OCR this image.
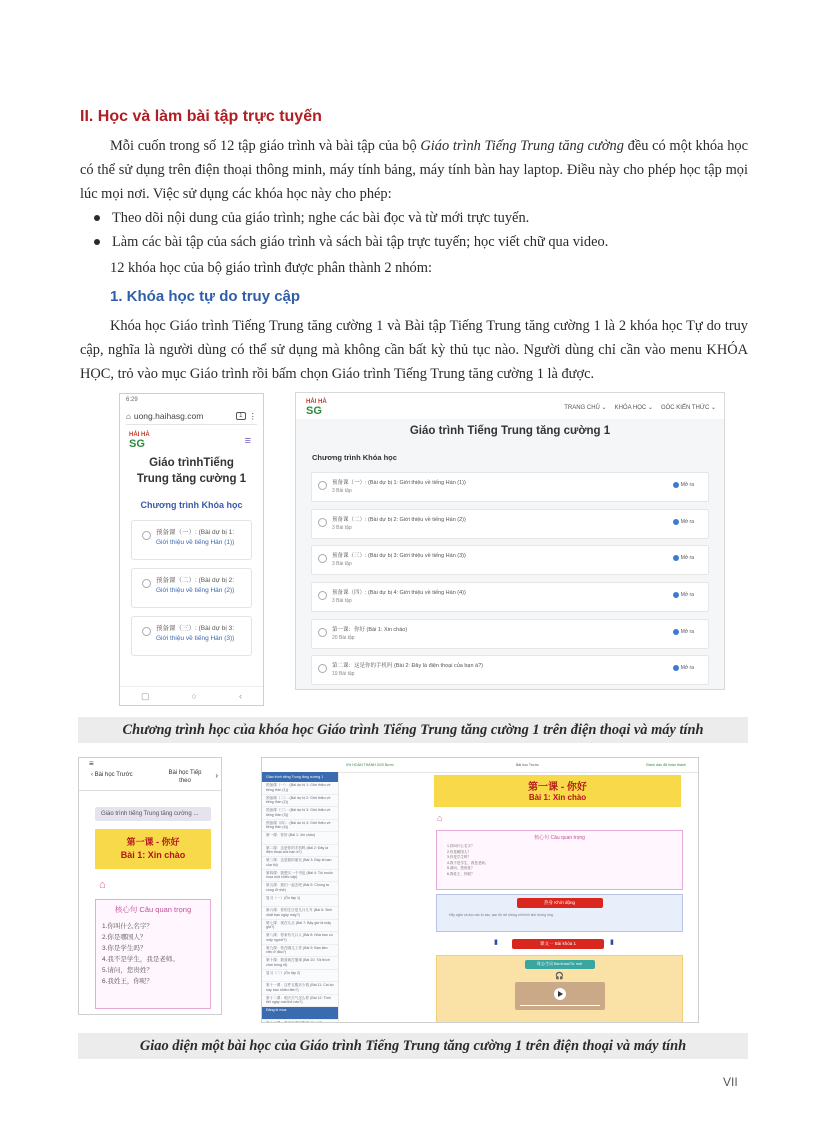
II. Học và làm bài tập trực tuyến
Mỗi cuốn trong số 12 tập giáo trình và bài tập của bộ Giáo trình Tiếng Trung tăng cường đều có một khóa học có thể sử dụng trên điện thoại thông minh, máy tính bảng, máy tính bàn hay laptop. Điều này cho phép học tập mọi lúc mọi nơi. Việc sử dụng các khóa học này cho phép:
Theo dõi nội dung của giáo trình; nghe các bài đọc và từ mới trực tuyến.
Làm các bài tập của sách giáo trình và sách bài tập trực tuyến; học viết chữ qua video.
12 khóa học của bộ giáo trình được phân thành 2 nhóm:
1. Khóa học tự do truy cập
Khóa học Giáo trình Tiếng Trung tăng cường 1 và Bài tập Tiếng Trung tăng cường 1 là 2 khóa học Tự do truy cập, nghĩa là người dùng có thể sử dụng mà không cần bất kỳ thủ tục nào. Người dùng chỉ cần vào menu KHÓA HỌC, trỏ vào mục Giáo trình rồi bấm chọn Giáo trình Tiếng Trung tăng cường 1 là được.
6:29
⌂ uong.haihasg.com	1 ⋮
HẢI HÀ
SG	≡
Giáo trìnhTiếng Trung tăng cường 1
Chương trình Khóa học
预备课（一）: (Bài dự bị 1:
Giới thiệu về tiếng Hán (1))
预备课（二）: (Bài dự bị 2:
Giới thiệu về tiếng Hán (2))
预备课（三）: (Bài dự bị 3:
Giới thiệu về tiếng Hán (3))
▢	○	‹
HẢI HÀ
SG	TRANG CHỦ ⌄ KHÓA HỌC ⌄ GÓC KIẾN THỨC ⌄
Giáo trình Tiếng Trung tăng cường 1
Chương trình Khóa học
预备课（一）: (Bài dự bị 1: Giới thiệu về tiếng Hán (1))
3 Bài tập
Mở ra
预备课（二）: (Bài dự bị 2: Giới thiệu về tiếng Hán (2))
3 Bài tập
Mở ra
预备课（三）: (Bài dự bị 3: Giới thiệu về tiếng Hán (3))
3 Bài tập
Mở ra
预备课（四）: (Bài dự bị 4: Giới thiệu về tiếng Hán (4))
3 Bài tập
Mở ra
第一课：你好 (Bài 1: Xin chào)
20 Bài tập
Mở ra
第二课：这是你的手机吗 (Bài 2: Đây là điện thoại của bạn à?)
19 Bài tập
Mở ra
Chương trình học của khóa học Giáo trình Tiếng Trung tăng cường 1 trên điện thoại và máy tính
≡
‹ Bài học Trước	Bài học Tiếp theo
›
Giáo trình tiếng Trung tăng cường ...
第一课 - 你好
Bài 1: Xin chào
⌂
核心句 Câu quan trọng
1.你叫什么名字？
2.你是哪国人？
3.你是学生吗？
4.我不是学生，我是老师。
5.请问，您贵姓？
6.我姓王，你呢？
0% HOÀN THÀNH 0/20 Bước	Bài học Trước	Đánh dấu đã hoàn thành
Giáo trình tiếng Trung tăng cường 1
预备课（一）: (Bài dự bị 1: Giới thiệu về tiếng Hán (1))
预备课（二）: (Bài dự bị 2: Giới thiệu về tiếng Hán (2))
预备课（三）: (Bài dự bị 3: Giới thiệu về tiếng Hán (3))
预备课（四）: (Bài dự bị 4: Giới thiệu về tiếng Hán (4))
第一课：你好 (Bài 1: Xin chào)
第二课：这是你的手机吗 (Bài 2: Đây là điện thoại của bạn à?)
第三课：这是我的朋友 (Bài 3: Đây là bạn của tôi)
第四课：我想买一个书包 (Bài 4: Tôi muốn mua một chiếc cặp)
第五课：我们一起去吧 (Bài 5: Chúng ta cùng đi nhé)
复习（一）(Ôn tập 1)
第六课：你的生日是几月几号 (Bài 6: Sinh nhật bạn ngày mấy?)
第七课：现在几点 (Bài 7: Bây giờ là mấy giờ?)
第八课：你家有几口人 (Bài 8: Nhà bạn có mấy người?)
第九课：你在哪儿工作 (Bài 9: Bạn làm việc ở đâu?)
第十课：我喜欢打篮球 (Bài 10: Tôi thích chơi bóng rổ)
复习（二）(Ôn tập 2)
第十一课：这件衣服多少钱 (Bài 11: Cái áo này bao nhiêu tiền?)
第十二课：明天天气怎么样 (Bài 12: Thời tiết ngày mai thế nào?)
Đăng kí mua
第十三课：我们去看电影吧 (Bài 13)
第一课 - 你好
Bài 1: Xin chào
⌂
核心句 Câu quan trọng
1.你叫什么名字？
2.你是哪国人？
3.你是学生吗？
4.我不是学生，我是老师。
5.请问，您贵姓？
6.我姓王，你呢？
热身 Khởi động
Hãy nghe và đọc các từ sau, sau đó nối chúng với hình ảnh tương ứng.
▮	课文一 Bài khóa 1	▮
课文/生词 Bài khóa/Từ mới
🎧
Giao diện một bài học của Giáo trình Tiếng Trung tăng cường 1 trên điện thoại và máy tính
VII
